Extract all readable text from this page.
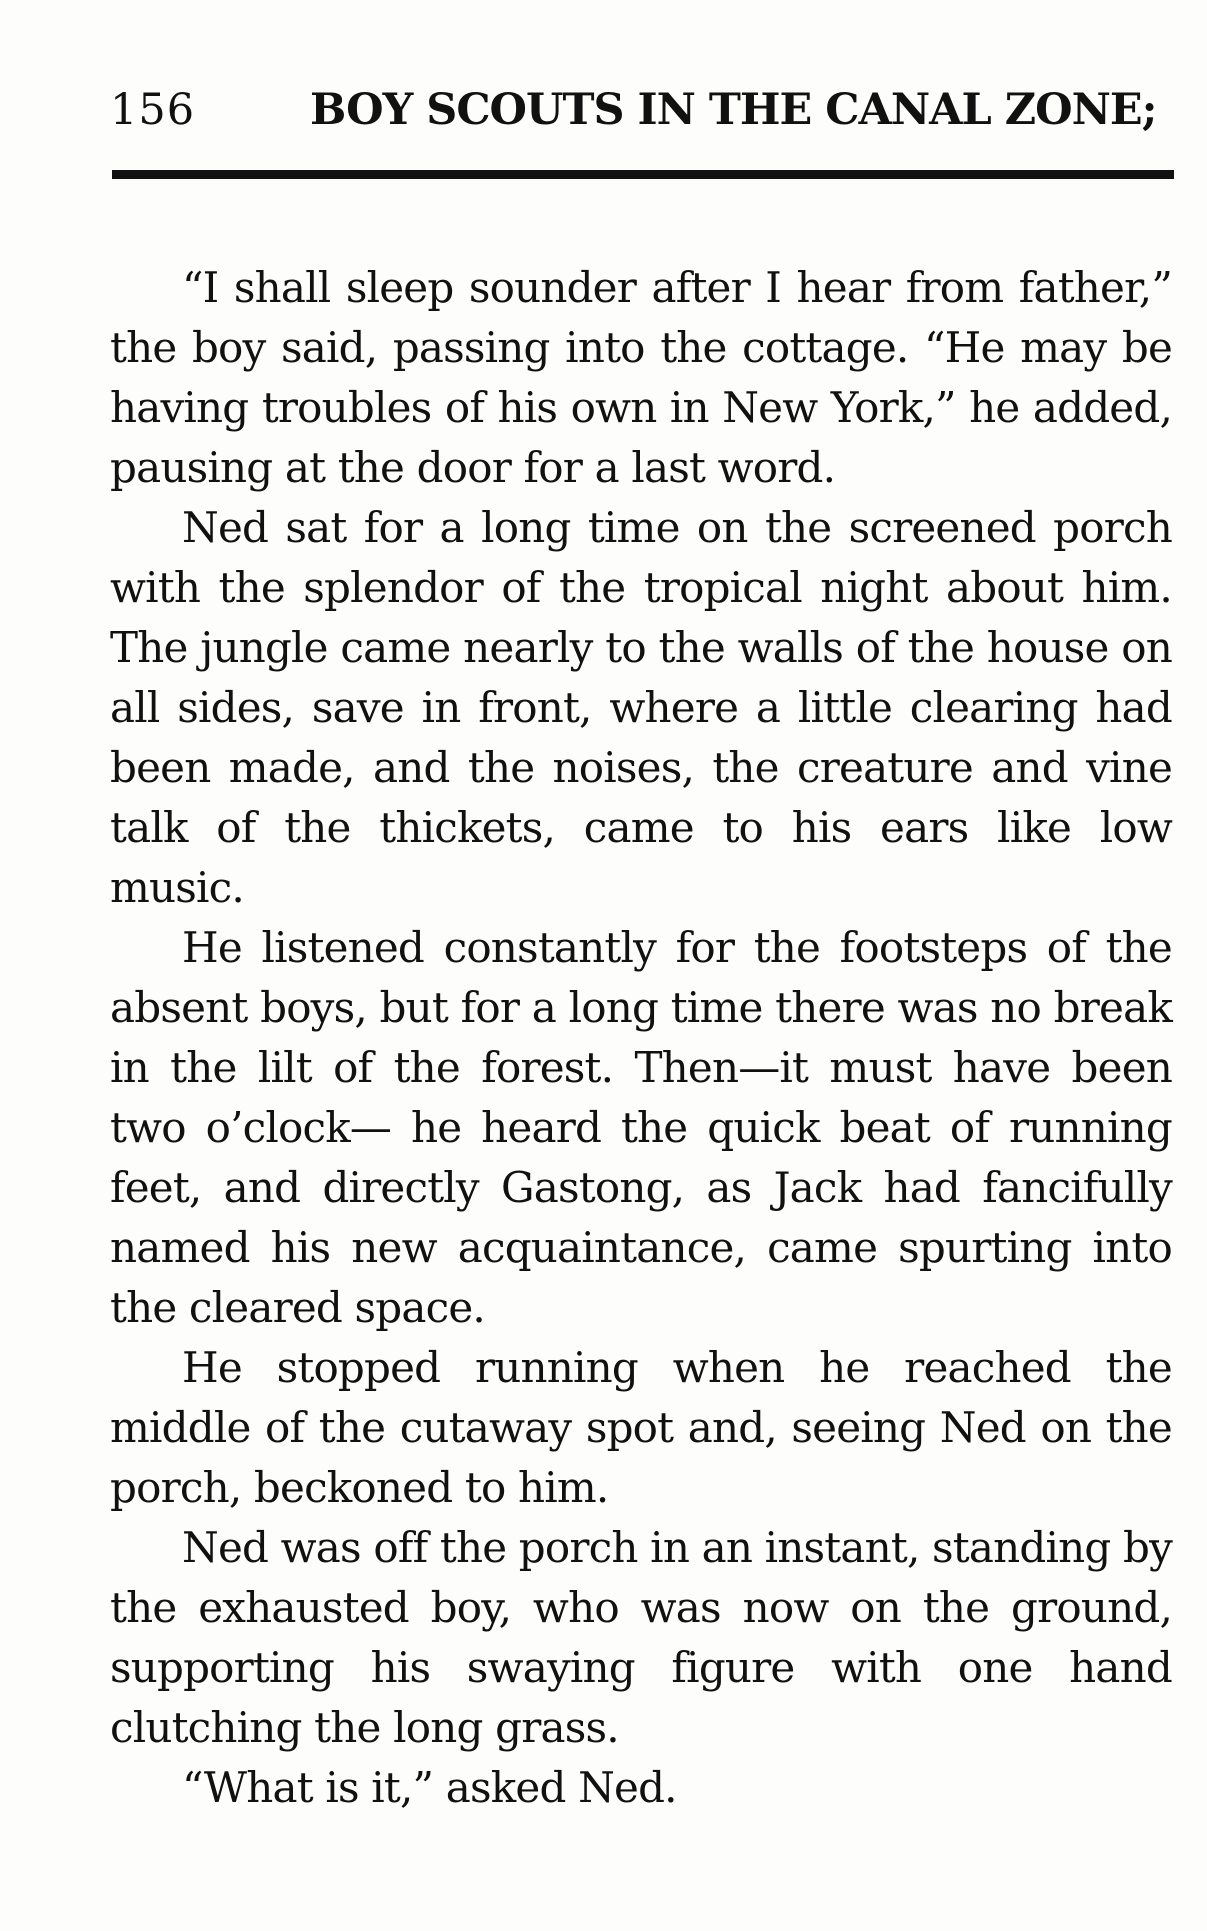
156	BOY SCOUTS IN THE CANAL ZONE;

“I shall sleep sounder after I hear from father,” the boy said, passing into the cottage. “He may be having troubles of his own in New York,” he added, pausing at the door for a last word.

Ned sat for a long time on the screened porch with the splendor of the tropical night about him. The jungle came nearly to the walls of the house on all sides, save in front, where a little clearing had been made, and the noises, the creature and vine talk of the thickets, came to his ears like low music.

He listened constantly for the footsteps of the absent boys, but for a long time there was no break in the lilt of the forest. Then—it must have been two o’clock— he heard the quick beat of running feet, and directly Gastong, as Jack had fancifully named his new acquaintance, came spurting into the cleared space.

He stopped running when he reached the middle of the cutaway spot and, seeing Ned on the porch, beckoned to him.

Ned was off the porch in an instant, standing by the exhausted boy, who was now on the ground, supporting his swaying figure with one hand clutching the long grass.

“What is it,” asked Ned.
